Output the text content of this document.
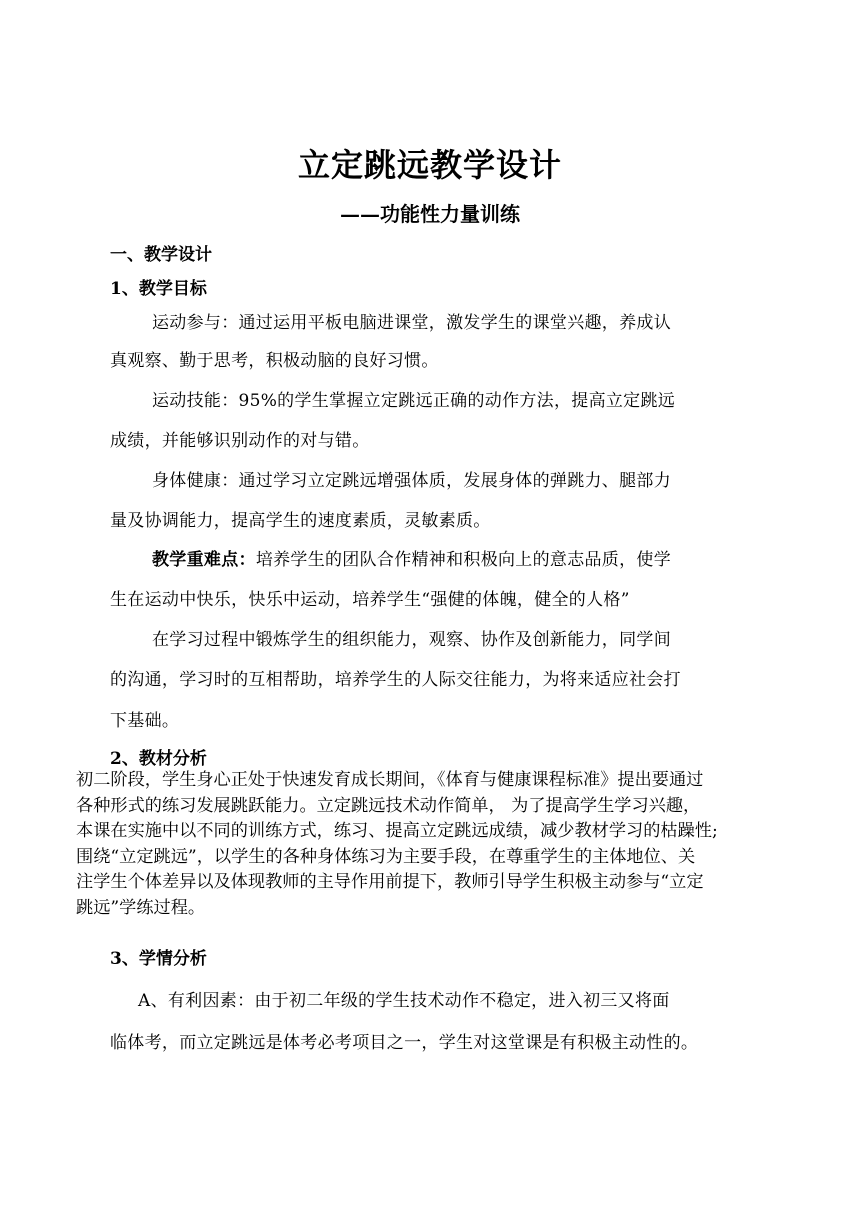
立定跳远教学设计
——功能性力量训练
一、教学设计
1、教学目标
运动参与：通过运用平板电脑进课堂，激发学生的课堂兴趣，养成认
真观察、勤于思考，积极动脑的良好习惯。
运动技能：95%的学生掌握立定跳远正确的动作方法，提高立定跳远
成绩，并能够识别动作的对与错。
身体健康：通过学习立定跳远增强体质，发展身体的弹跳力、腿部力
量及协调能力，提高学生的速度素质，灵敏素质。
教学重难点：培养学生的团队合作精神和积极向上的意志品质，使学
生在运动中快乐，快乐中运动，培养学生“强健的体魄，健全的人格”
在学习过程中锻炼学生的组织能力，观察、协作及创新能力，同学间
的沟通，学习时的互相帮助，培养学生的人际交往能力，为将来适应社会打
下基础。
2、教材分析
初二阶段，学生身心正处于快速发育成长期间，《体育与健康课程标准》提出要通过
各种形式的练习发展跳跃能力。立定跳远技术动作简单， 为了提高学生学习兴趣，
本课在实施中以不同的训练方式，练习、提高立定跳远成绩，减少教材学习的枯躁性;
围绕“立定跳远”，以学生的各种身体练习为主要手段，在尊重学生的主体地位、关
注学生个体差异以及体现教师的主导作用前提下，教师引导学生积极主动参与“立定
跳远”学练过程。
3、学情分析
A、有利因素：由于初二年级的学生技术动作不稳定，进入初三又将面
临体考，而立定跳远是体考必考项目之一，学生对这堂课是有积极主动性的。
